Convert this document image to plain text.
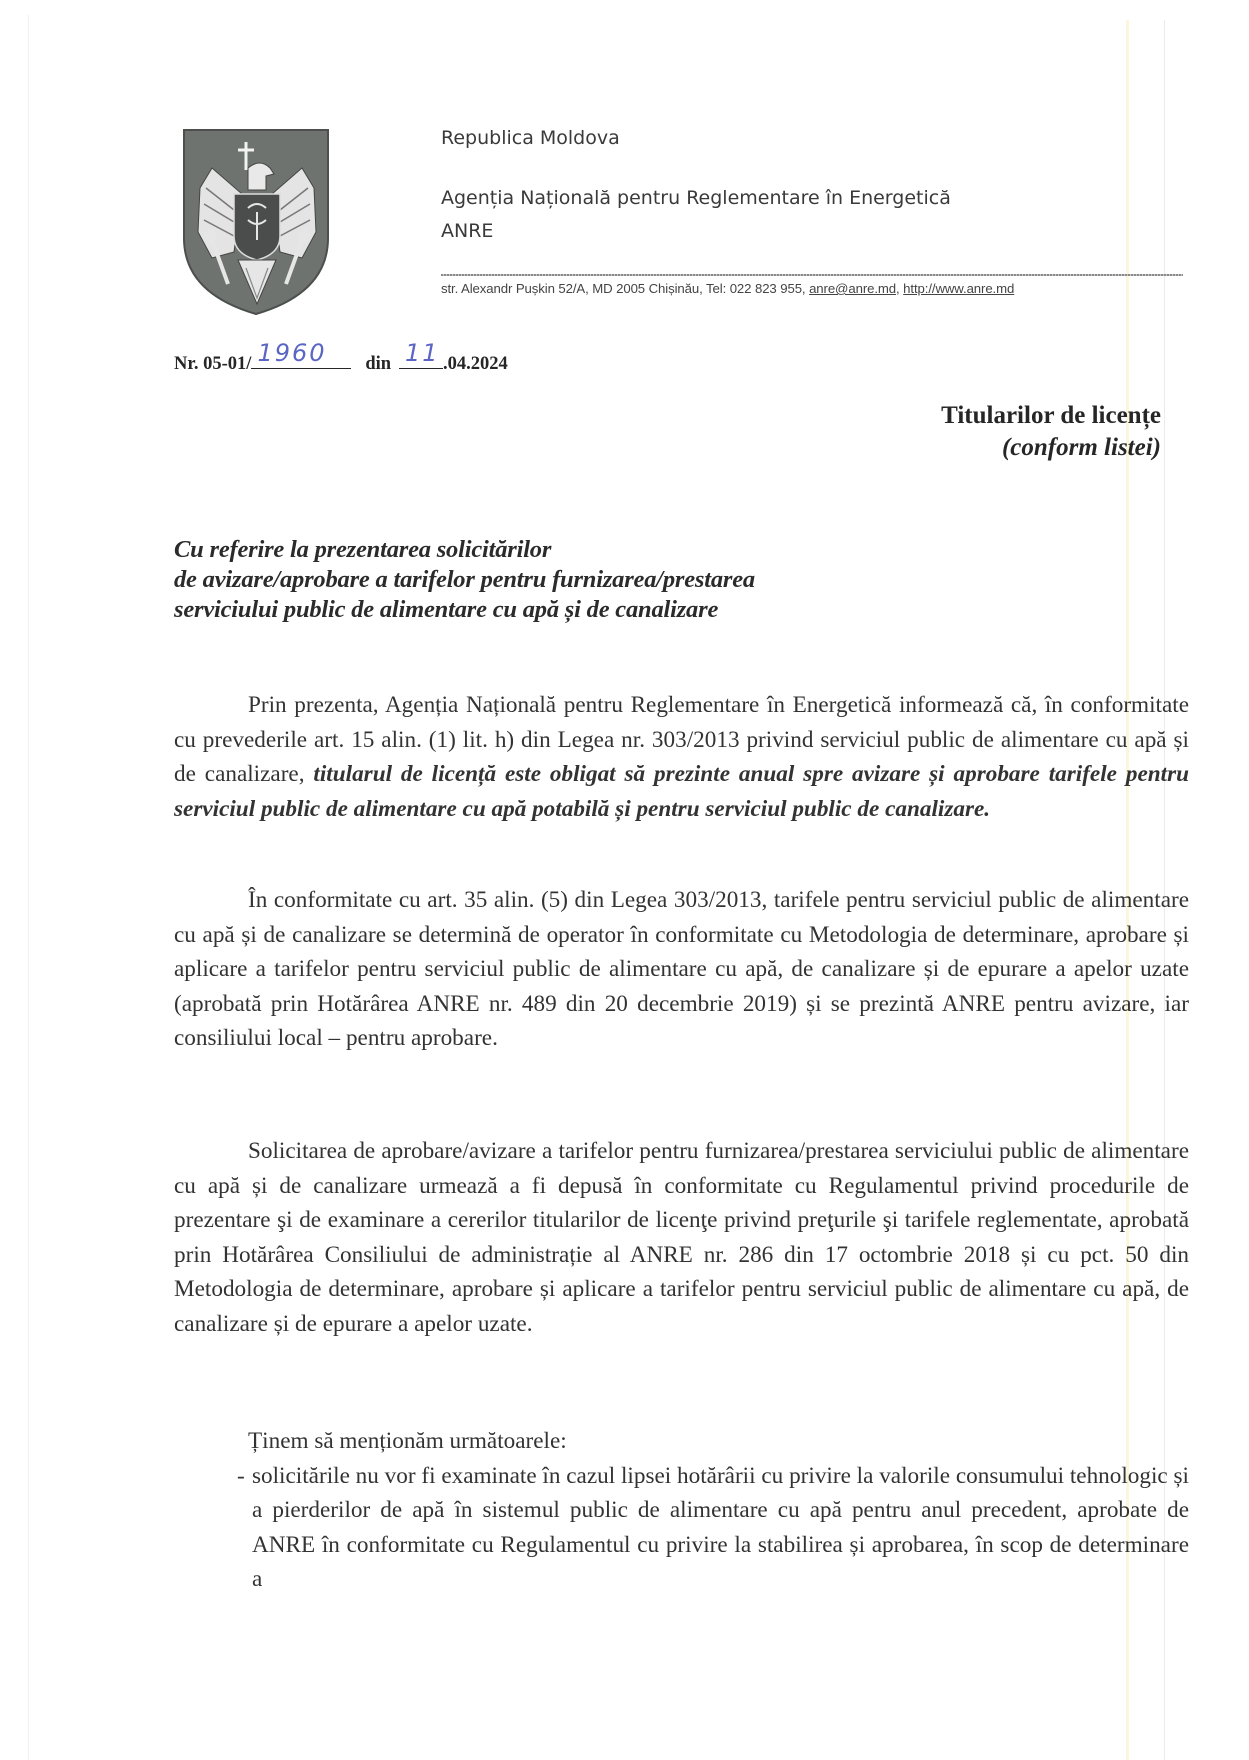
Republica Moldova
Agenția Națională pentru Reglementare în Energetică
ANRE
str. Alexandr Pușkin 52/A, MD 2005 Chișinău, Tel: 022 823 955, anre@anre.md, http://www.anre.md
Nr. 05-01/ 1960 din 11 .04.2024
Titularilor de licențe
(conform listei)
Cu referire la prezentarea solicitărilor
de avizare/aprobare a tarifelor pentru furnizarea/prestarea
serviciului public de alimentare cu apă și de canalizare

Prin prezenta, Agenția Națională pentru Reglementare în Energetică informează că, în conformitate cu prevederile art. 15 alin. (1) lit. h) din Legea nr. 303/2013 privind serviciul public de alimentare cu apă și de canalizare, titularul de licență este obligat să prezinte anual spre avizare și aprobare tarifele pentru serviciul public de alimentare cu apă potabilă și pentru serviciul public de canalizare.

În conformitate cu art. 35 alin. (5) din Legea 303/2013, tarifele pentru serviciul public de alimentare cu apă și de canalizare se determină de operator în conformitate cu Metodologia de determinare, aprobare și aplicare a tarifelor pentru serviciul public de alimentare cu apă, de canalizare și de epurare a apelor uzate (aprobată prin Hotărârea ANRE nr. 489 din 20 decembrie 2019) și se prezintă ANRE pentru avizare, iar consiliului local – pentru aprobare.

Solicitarea de aprobare/avizare a tarifelor pentru furnizarea/prestarea serviciului public de alimentare cu apă și de canalizare urmează a fi depusă în conformitate cu Regulamentul privind procedurile de prezentare şi de examinare a cererilor titularilor de licenţe privind preţurile şi tarifele reglementate, aprobată prin Hotărârea Consiliului de administrație al ANRE nr. 286 din 17 octombrie 2018 și cu pct. 50 din Metodologia de determinare, aprobare și aplicare a tarifelor pentru serviciul public de alimentare cu apă, de canalizare și de epurare a apelor uzate.

Ținem să menționăm următoarele:

- solicitările nu vor fi examinate în cazul lipsei hotărârii cu privire la valorile consumului tehnologic și a pierderilor de apă în sistemul public de alimentare cu apă pentru anul precedent, aprobate de ANRE în conformitate cu Regulamentul cu privire la stabilirea și aprobarea, în scop de determinare a
